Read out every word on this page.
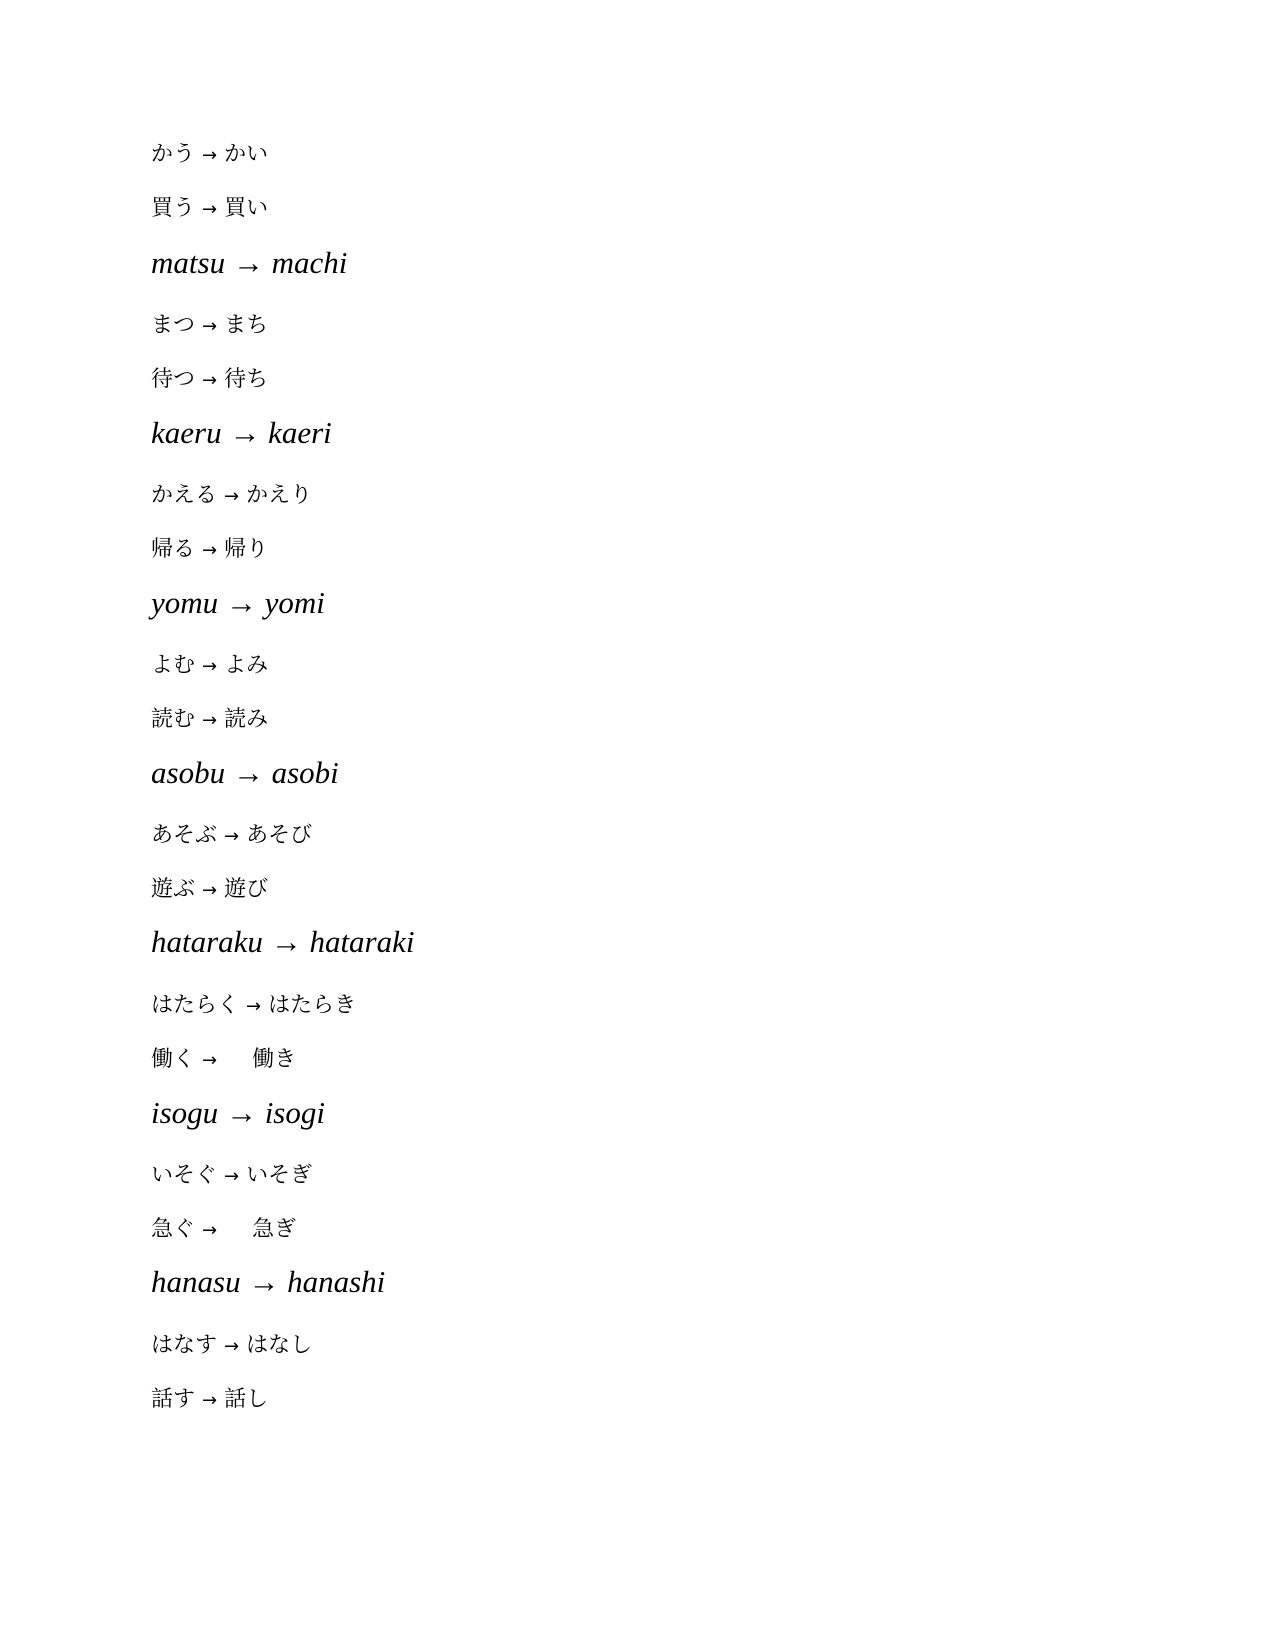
かう → かい
買う → 買い
matsu → machi
まつ → まち
待つ → 待ち
kaeru → kaeri
かえる → かえり
帰る → 帰り
yomu → yomi
よむ → よみ
読む → 読み
asobu → asobi
あそぶ → あそび
遊ぶ → 遊び
hataraku → hataraki
はたらく → はたらき
働く → 働き
isogu → isogi
いそぐ → いそぎ
急ぐ → 急ぎ
hanasu → hanashi
はなす → はなし
話す → 話し
